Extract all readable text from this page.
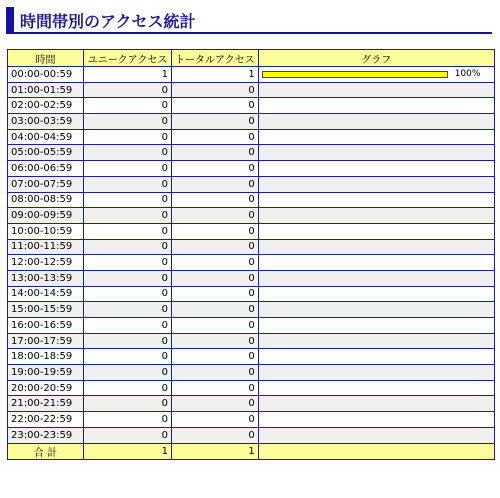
時間帯別のアクセス統計
時間	ユニークアクセス	トータルアクセス	グラフ
00:00-00:59	1	1	100%

01:00-01:59	0	0	
02:00-02:59	0	0	
03:00-03:59	0	0	
04:00-04:59	0	0	
05:00-05:59	0	0	
06:00-06:59	0	0	
07:00-07:59	0	0	
08:00-08:59	0	0	
09:00-09:59	0	0	
10:00-10:59	0	0	
11:00-11:59	0	0	
12:00-12:59	0	0	
13:00-13:59	0	0	
14:00-14:59	0	0	
15:00-15:59	0	0	
16:00-16:59	0	0	
17:00-17:59	0	0	
18:00-18:59	0	0	
19:00-19:59	0	0	
20:00-20:59	0	0	
21:00-21:59	0	0	
22:00-22:59	0	0	
23:00-23:59	0	0	
合 計	1	1	
